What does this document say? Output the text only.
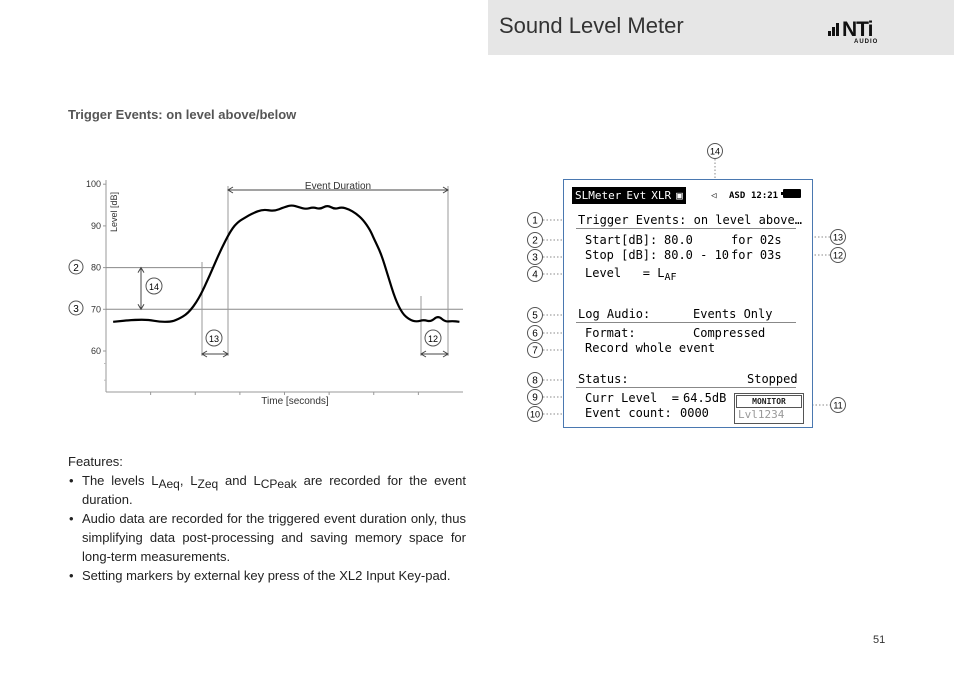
Sound Level Meter	NTi
AUDIO
Trigger Events: on level above/below
60
70
80
90
100
Level [dB]
Time [seconds]
Event Duration
2
3
14
13	12
1
2
3
4
5
6
7
8
9
10
13
12
11
14
SLMeter Evt XLR ▣	◁ ASD 12:21
Trigger Events: on level above…
Start[dB]: 80.0	for 02s
Stop [dB]: 80.0 - 10 for 03s
Level   = $L_{AF}$
Log Audio:	Events Only
Format:	Compressed
Record whole event
Status:	Stopped
Curr Level  = 64.5dB
Event count: 0000
MONITOR
Lvl1234
Features:
• The levels $L_{Aeq}$, $L_{Zeq}$ and $L_{CPeak}$ are recorded for the event duration.
• Audio data are recorded for the triggered event duration only, thus simplifying data post-processing and saving memory space for long-term measurements.
• Setting markers by external key press of the XL2 Input Key-pad.
51
